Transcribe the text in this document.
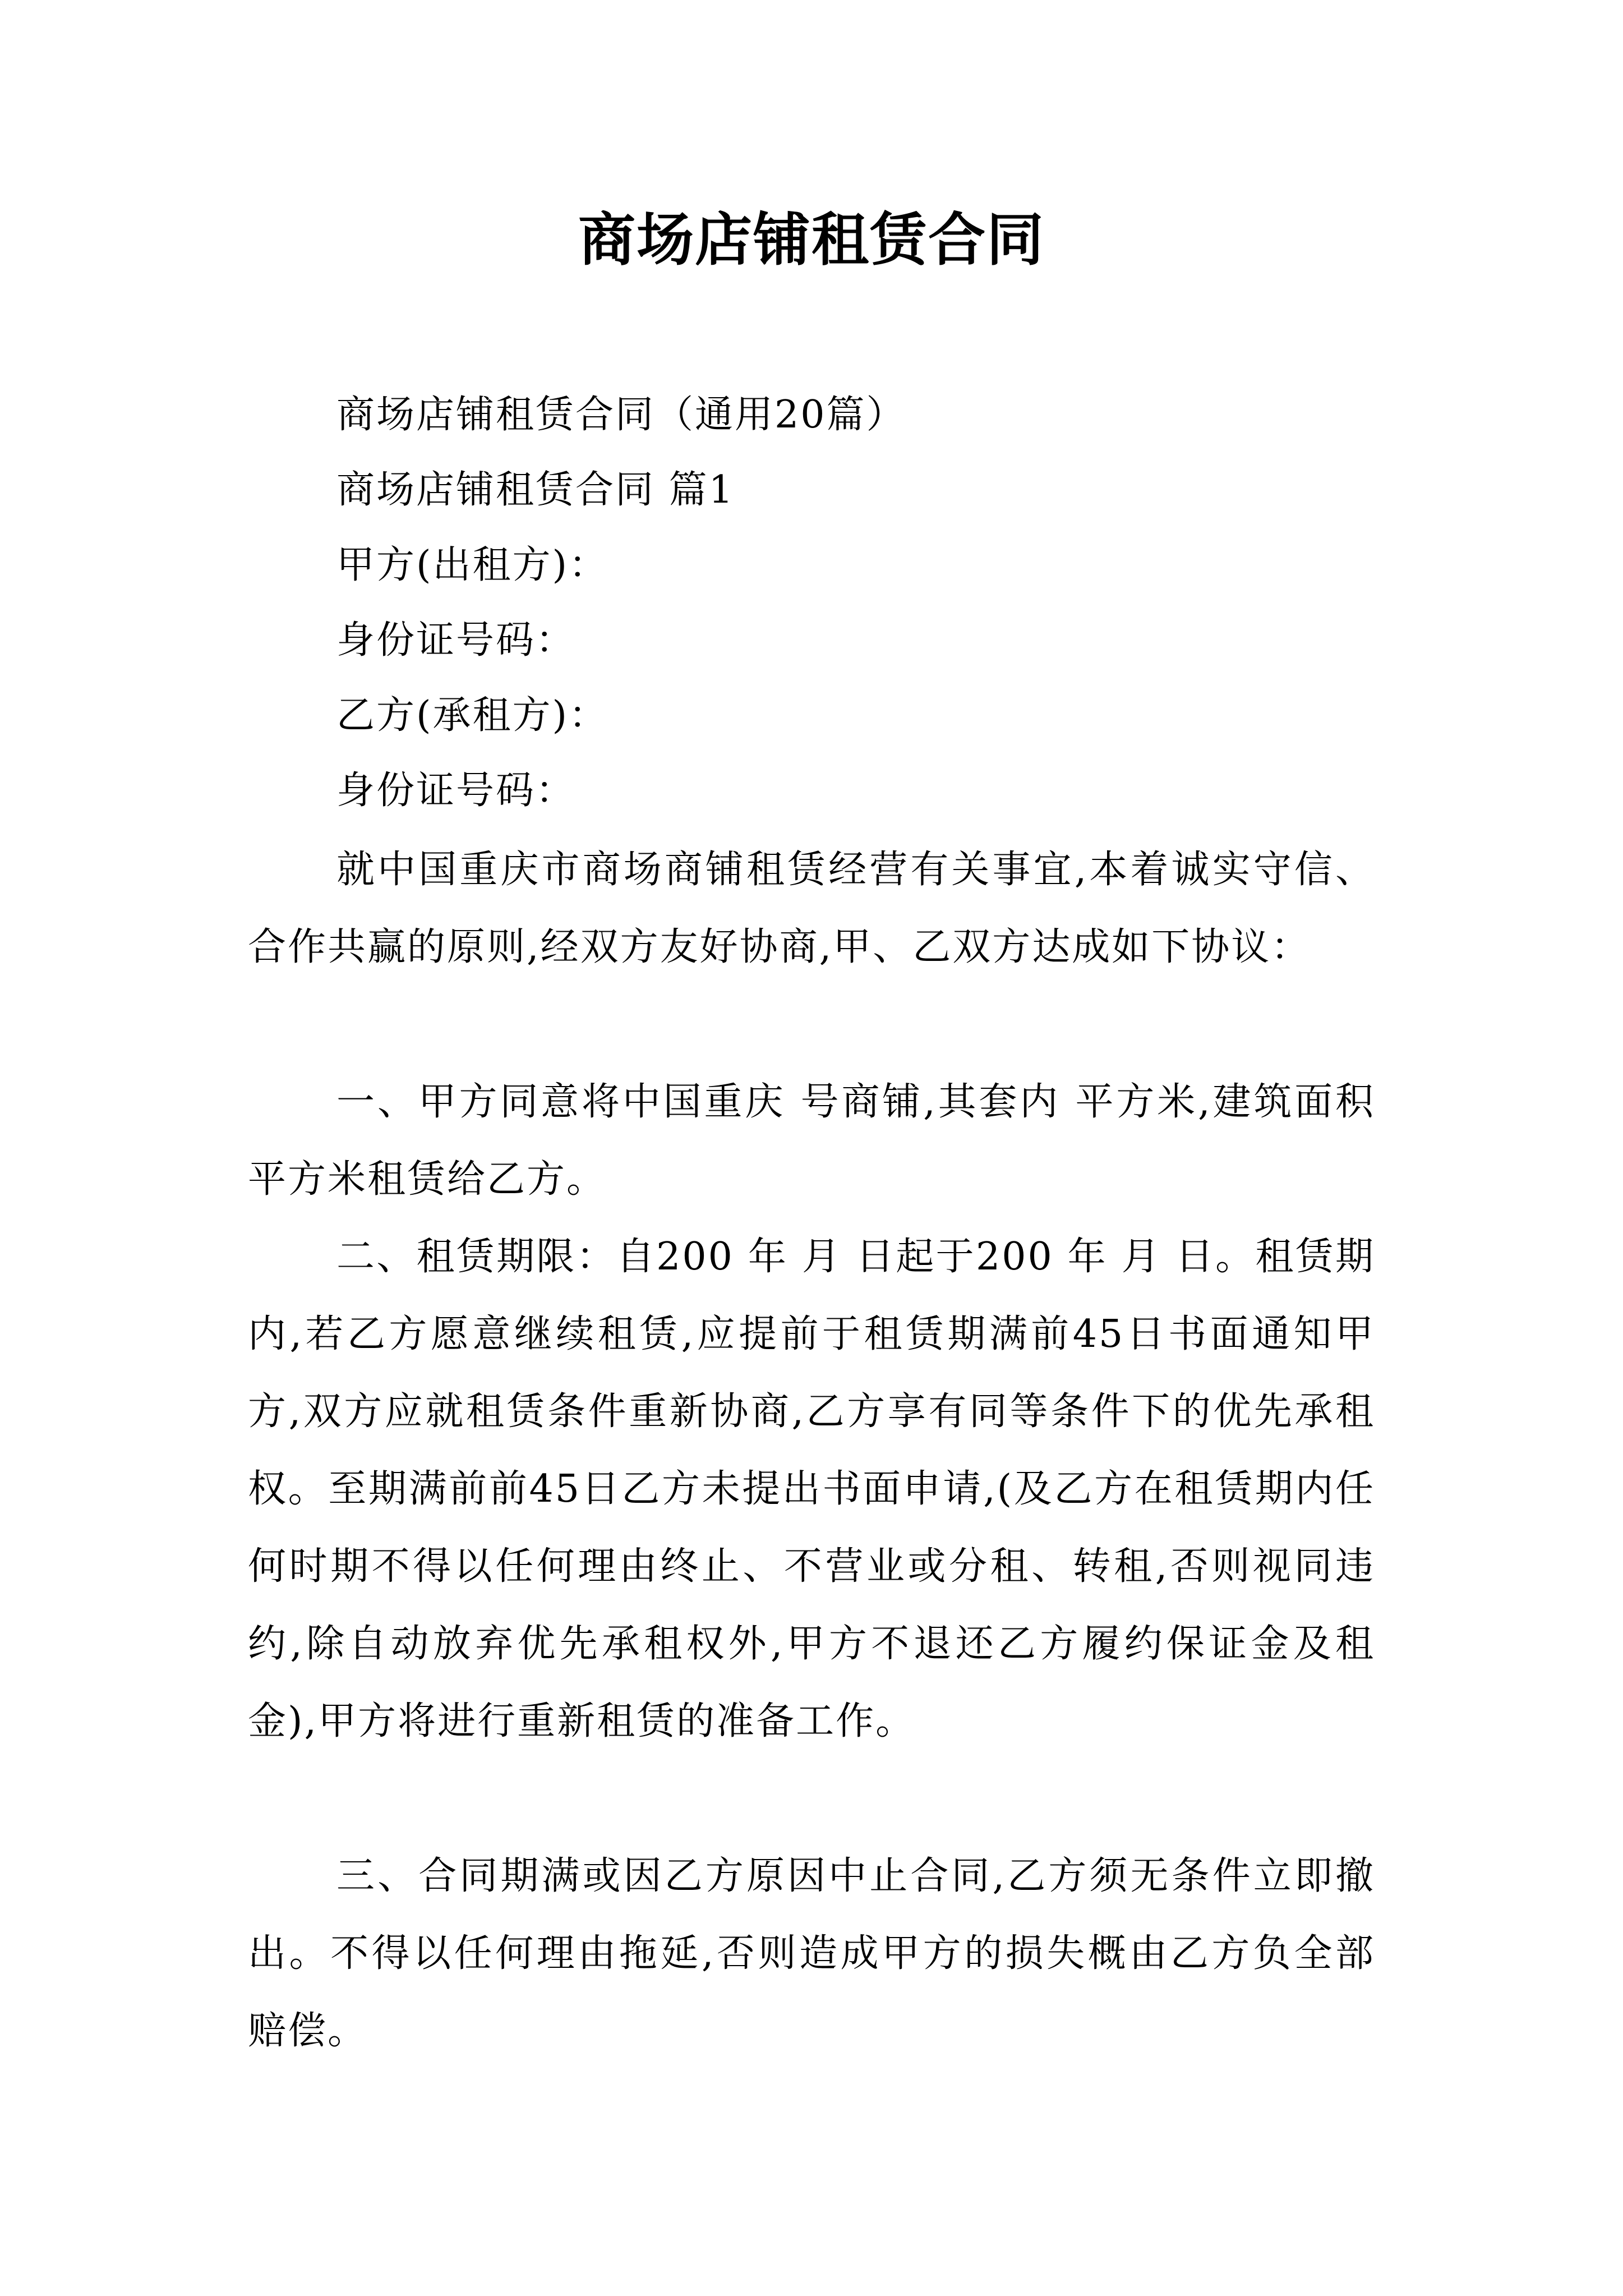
商场店铺租赁合同
商场店铺租赁合同（通用20篇）
商场店铺租赁合同 篇1
甲方(出租方)：
身份证号码：
乙方(承租方)：
身份证号码：

就中国重庆市商场商铺租赁经营有关事宜,本着诚实守信、合作共赢的原则,经双方友好协商,甲、乙双方达成如下协议：

一、甲方同意将中国重庆 号商铺,其套内 平方米,建筑面积 平方米租赁给乙方。

二、租赁期限：自200 年 月 日起于200 年 月 日。租赁期内,若乙方愿意继续租赁,应提前于租赁期满前45日书面通知甲方,双方应就租赁条件重新协商,乙方享有同等条件下的优先承租权。至期满前前45日乙方未提出书面申请,(及乙方在租赁期内任何时期不得以任何理由终止、不营业或分租、转租,否则视同违约,除自动放弃优先承租权外,甲方不退还乙方履约保证金及租金),甲方将进行重新租赁的准备工作。

三、合同期满或因乙方原因中止合同,乙方须无条件立即撤出。不得以任何理由拖延,否则造成甲方的损失概由乙方负全部赔偿。
